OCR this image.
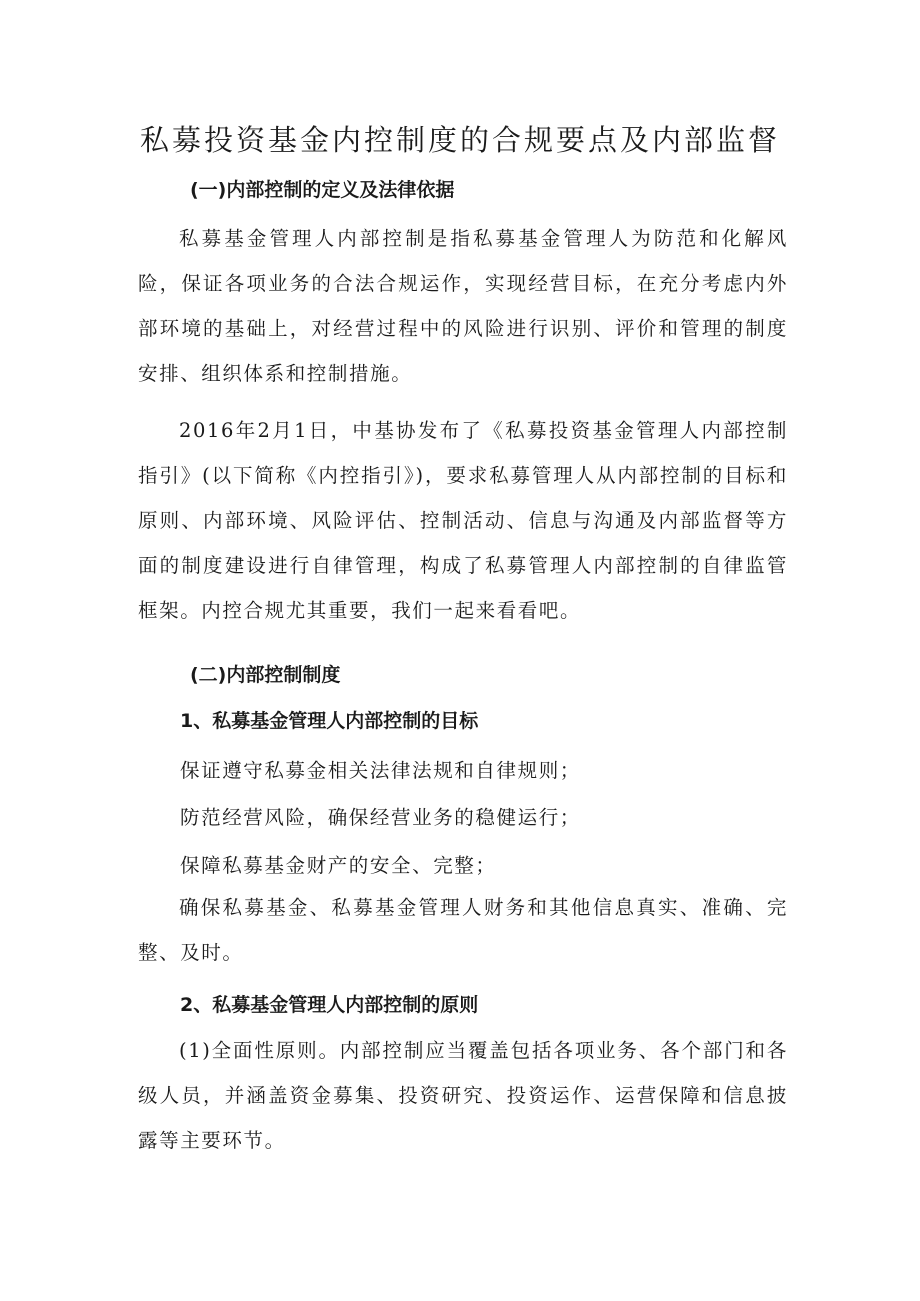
私募投资基金内控制度的合规要点及内部监督
(一)内部控制的定义及法律依据

私募基金管理人内部控制是指私募基金管理人为防范和化解风险，保证各项业务的合法合规运作，实现经营目标，在充分考虑内外部环境的基础上，对经营过程中的风险进行识别、评价和管理的制度安排、组织体系和控制措施。

2016年2月1日，中基协发布了《私募投资基金管理人内部控制指引》(以下简称《内控指引》)，要求私募管理人从内部控制的目标和原则、内部环境、风险评估、控制活动、信息与沟通及内部监督等方面的制度建设进行自律管理，构成了私募管理人内部控制的自律监管框架。内控合规尤其重要，我们一起来看看吧。

(二)内部控制制度
1、私募基金管理人内部控制的目标

保证遵守私募金相关法律法规和自律规则；

防范经营风险，确保经营业务的稳健运行；

保障私募基金财产的安全、完整；

确保私募基金、私募基金管理人财务和其他信息真实、准确、完整、及时。

2、私募基金管理人内部控制的原则

(1)全面性原则。内部控制应当覆盖包括各项业务、各个部门和各级人员，并涵盖资金募集、投资研究、投资运作、运营保障和信息披露等主要环节。
